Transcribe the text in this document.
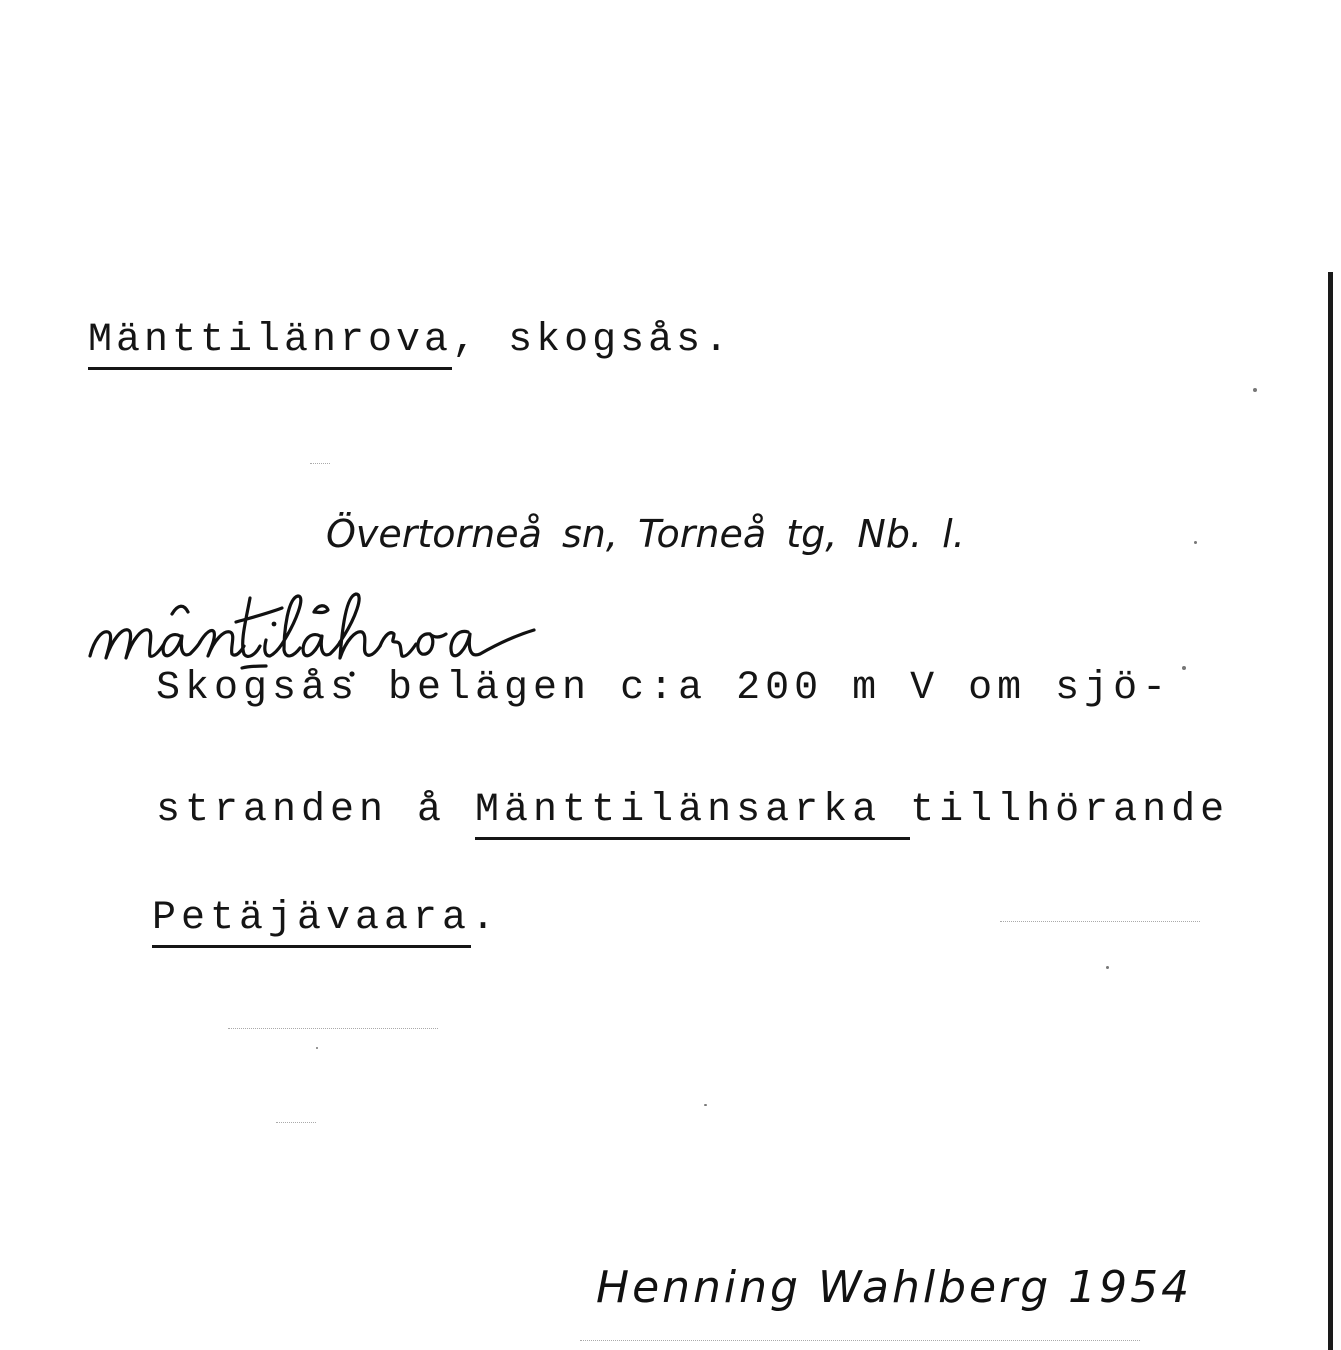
Mänttilänrova, skogsås.
Övertorneå sn, Torneå tg, Nb. l.
Skogsås belägen c:a 200 m V om sjö-
stranden å Mänttilänsarka tillhörande
Petäjävaara.
Henning Wahlberg 1954
